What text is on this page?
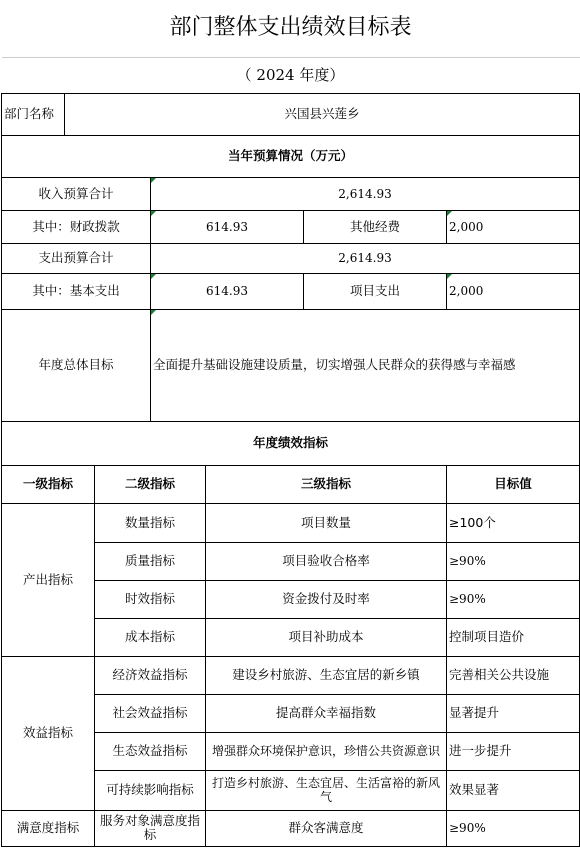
部门整体支出绩效目标表						
（ 2024 年度）						
部门名称	兴国县兴莲乡					
当年预算情况（万元）						
收入预算合计			2,614.93			
其中：财政拨款			614.93		其他经费	2,000
支出预算合计			2,614.93			
其中：基本支出			614.93		项目支出	2,000
年度总体目标			全面提升基础设施建设质量，切实增强人民群众的获得感与幸福感			
年度绩效指标						
一级指标		二级指标		三级指标		目标值
产出指标		数量指标		项目数量		≥100个
		质量指标		项目验收合格率		≥90%
		时效指标		资金拨付及时率		≥90%
		成本指标		项目补助成本		控制项目造价
效益指标		经济效益指标		建设乡村旅游、生态宜居的新乡镇		完善相关公共设施
		社会效益指标		提高群众幸福指数		显著提升
		生态效益指标		增强群众环境保护意识，珍惜公共资源意识		进一步提升
		可持续影响指标		打造乡村旅游、生态宜居、生活富裕的新风气		效果显著
满意度指标		服务对象满意度指标		群众客满意度		≥90%
